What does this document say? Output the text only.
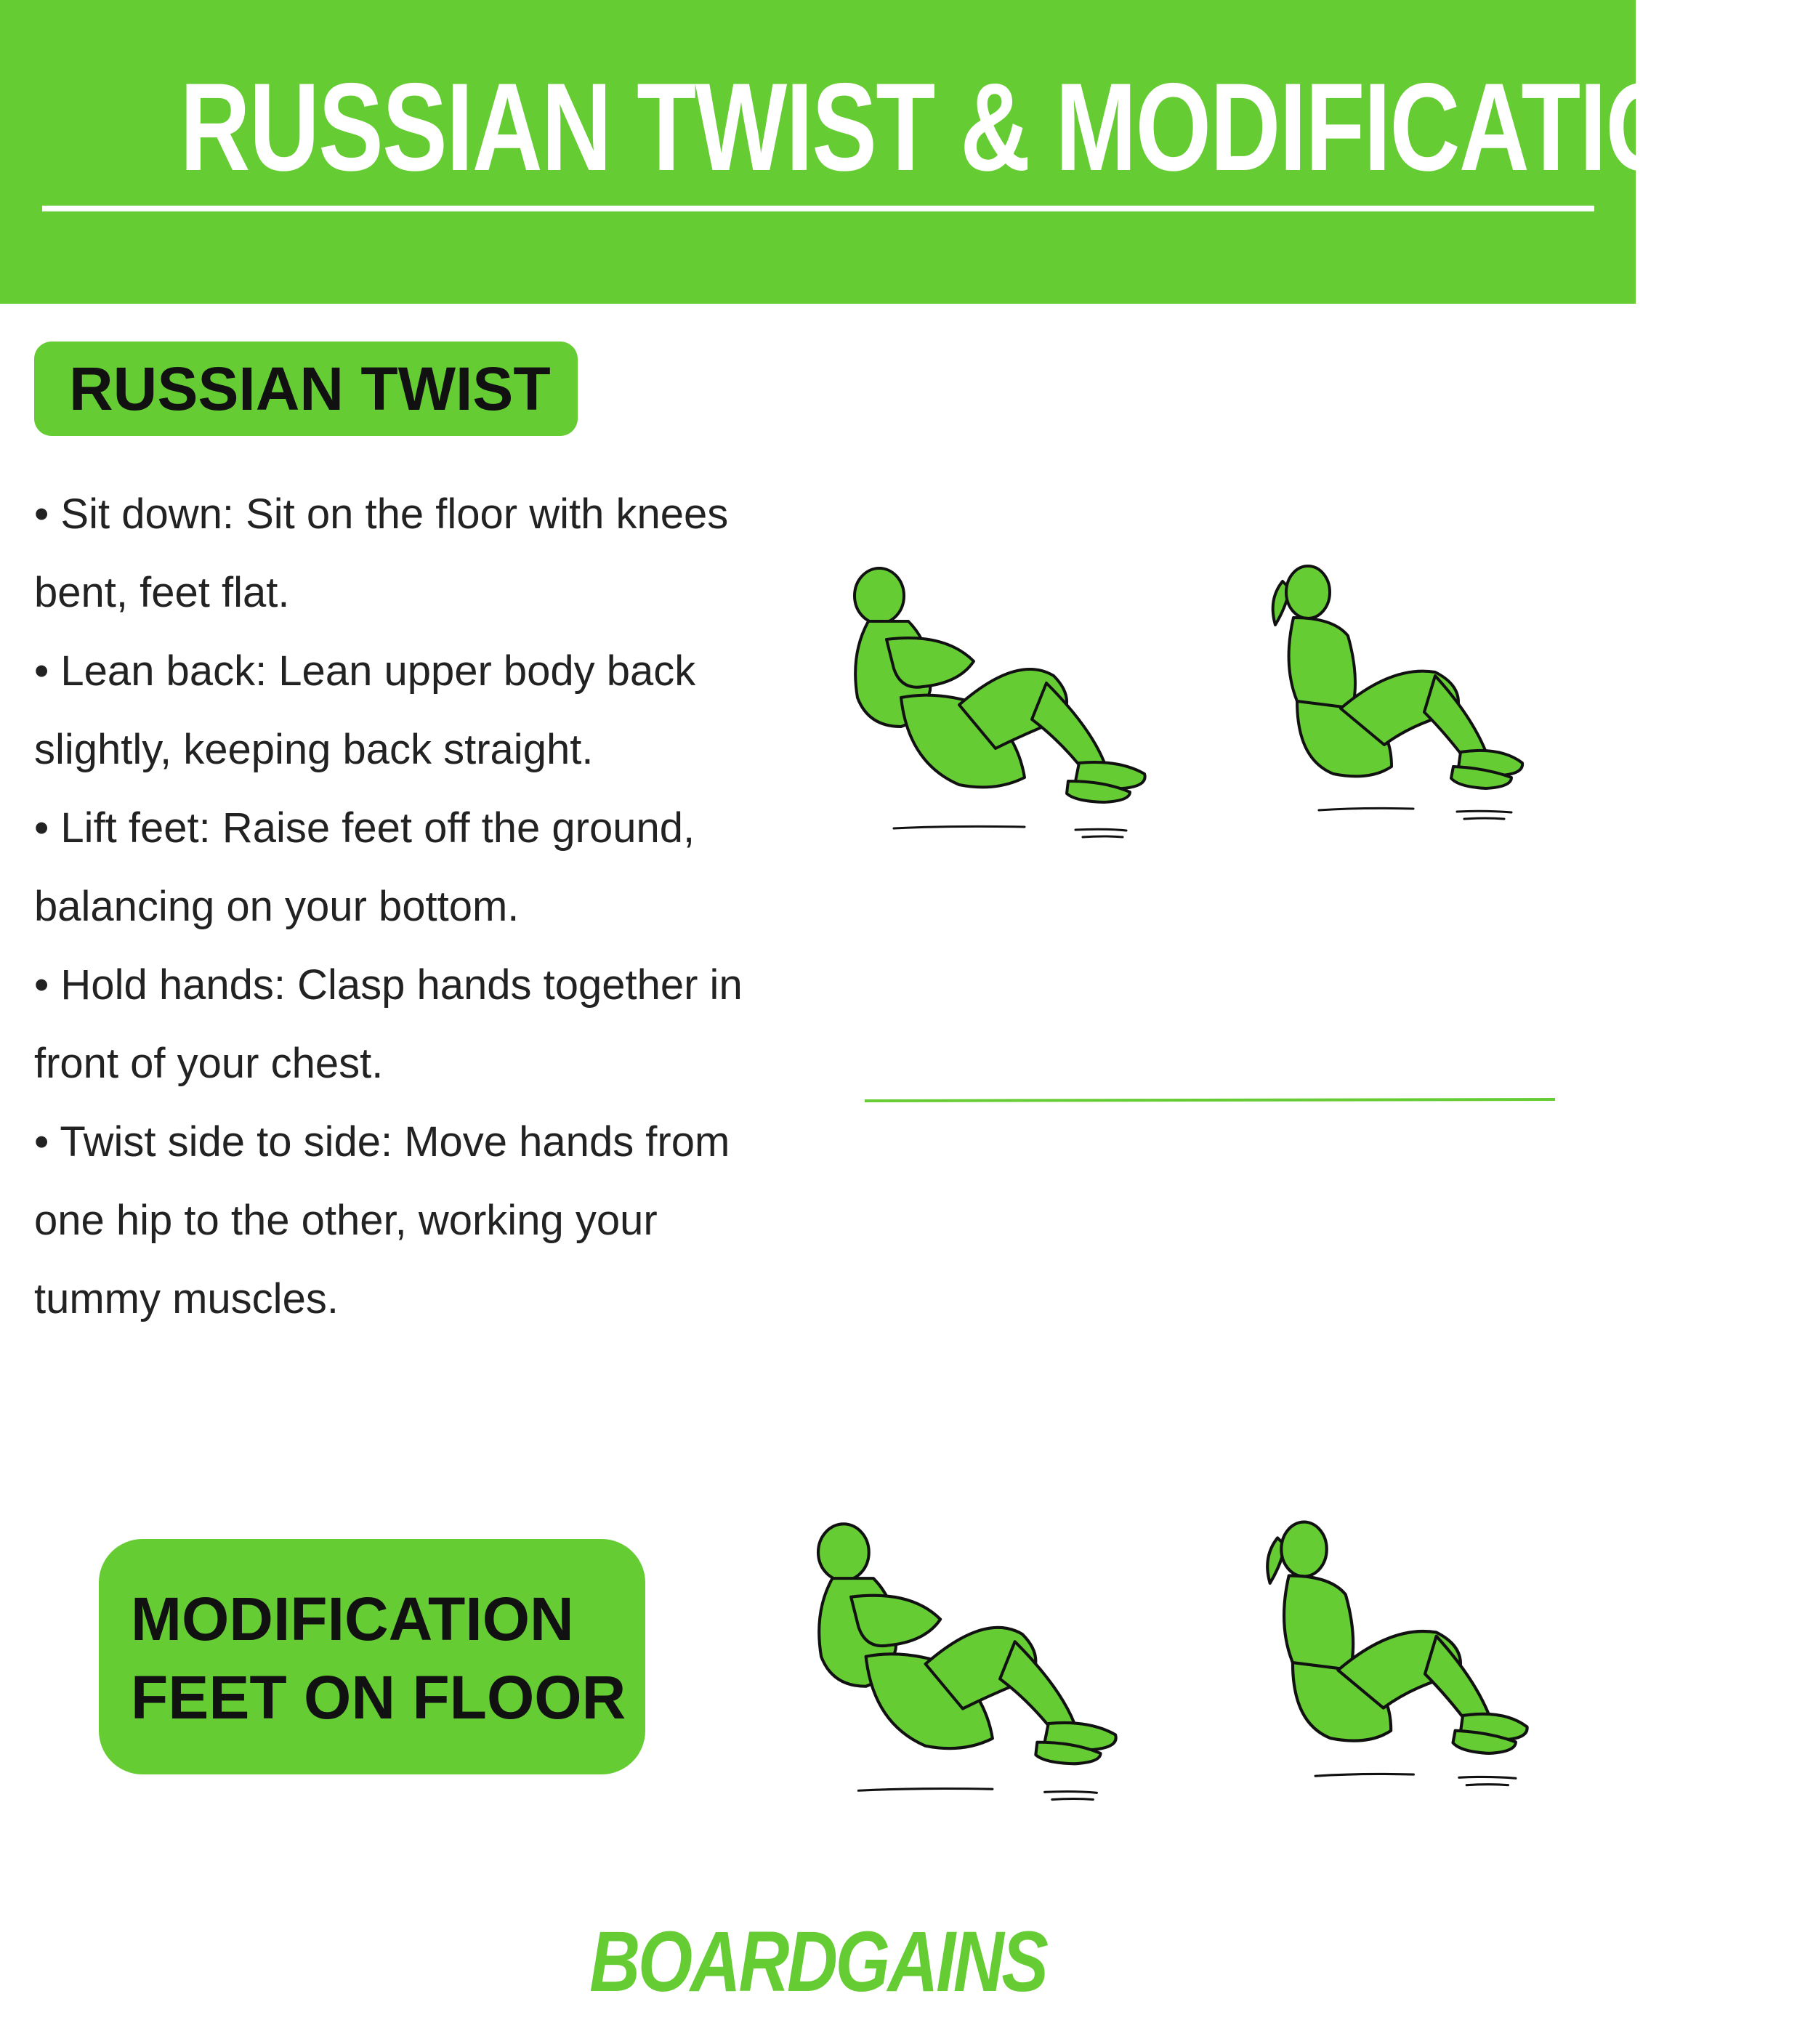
RUSSIAN TWIST & MODIFICATIONS
RUSSIAN TWIST
• Sit down: Sit on the floor with knees
bent, feet flat.
• Lean back: Lean upper body back
slightly, keeping back straight.
• Lift feet: Raise feet off the ground,
balancing on your bottom.
• Hold hands: Clasp hands together in
front of your chest.
• Twist side to side: Move hands from
one hip to the other, working your
tummy muscles.
MODIFICATION
FEET ON FLOOR
BOARDGAINS
